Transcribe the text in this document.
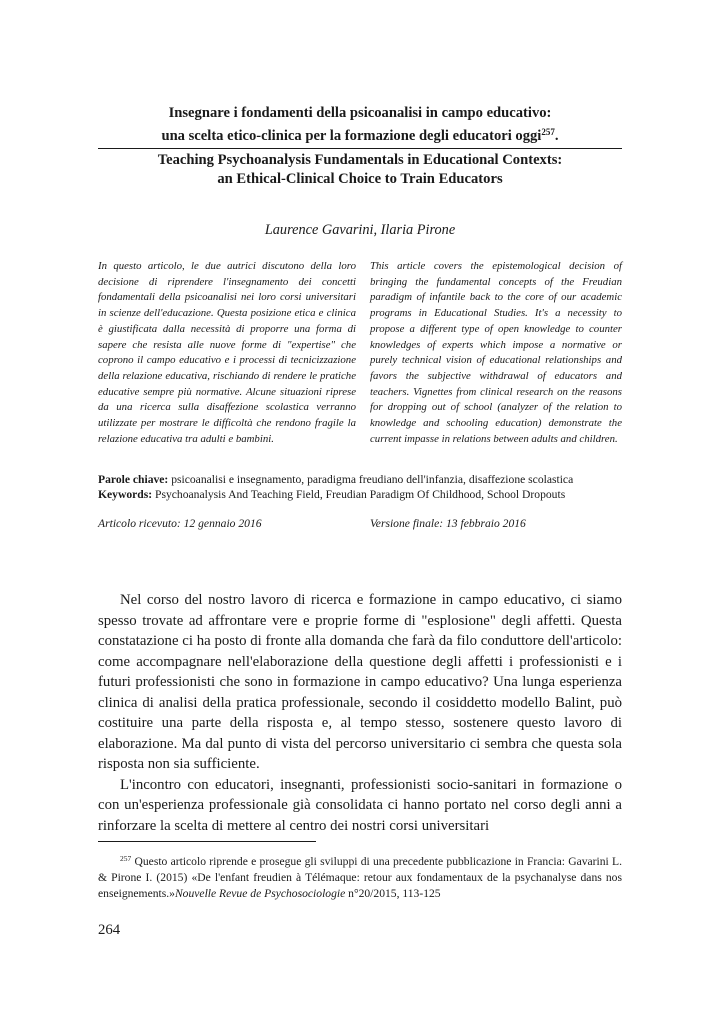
Insegnare i fondamenti della psicoanalisi in campo educativo:
una scelta etico-clinica per la formazione degli educatori oggi$^{257}$.
Teaching Psychoanalysis Fundamentals in Educational Contexts:
an Ethical-Clinical Choice to Train Educators
Laurence Gavarini, Ilaria Pirone
In questo articolo, le due autrici discutono della loro decisione di riprendere l'insegnamento dei concetti fondamentali della psicoanalisi nei loro corsi universitari in scienze dell'educazione. Questa posizione etica e clinica è giustificata dalla necessità di proporre una forma di sapere che resista alle nuove forme di "expertise" che coprono il campo educativo e i processi di tecnicizzazione della relazione educativa, rischiando di rendere le pratiche educative sempre più normative. Alcune situazioni riprese da una ricerca sulla disaffezione scolastica verranno utilizzate per mostrare le difficoltà che rendono fragile la relazione educativa tra adulti e bambini.
This article covers the epistemological decision of bringing the fundamental concepts of the Freudian paradigm of infantile back to the core of our academic programs in Educational Studies. It's a necessity to propose a different type of open knowledge to counter knowledges of experts which impose a normative or purely technical vision of educational relationships and favors the subjective withdrawal of educators and teachers. Vignettes from clinical research on the reasons for dropping out of school (analyzer of the relation to knowledge and schooling education) demonstrate the current impasse in relations between adults and children.
Parole chiave: psicoanalisi e insegnamento, paradigma freudiano dell'infanzia, disaffezione scolastica
Keywords: Psychoanalysis And Teaching Field, Freudian Paradigm Of Childhood, School Dropouts
Articolo ricevuto: 12 gennaio 2016	Versione finale: 13 febbraio 2016

Nel corso del nostro lavoro di ricerca e formazione in campo educativo, ci siamo spesso trovate ad affrontare vere e proprie forme di "esplosione" degli affetti. Questa constatazione ci ha posto di fronte alla domanda che farà da filo conduttore dell'articolo: come accompagnare nell'elaborazione della questione degli affetti i professionisti e i futuri professionisti che sono in formazione in campo educativo? Una lunga esperienza clinica di analisi della pratica professionale, secondo il cosiddetto modello Balint, può costituire una parte della risposta e, al tempo stesso, sostenere questo lavoro di elaborazione. Ma dal punto di vista del percorso universitario ci sembra che questa sola risposta non sia sufficiente.

L'incontro con educatori, insegnanti, professionisti socio-sanitari in formazione o con un'esperienza professionale già consolidata ci hanno portato nel corso degli anni a rinforzare la scelta di mettere al centro dei nostri corsi universitari

$^{257}$ Questo articolo riprende e prosegue gli sviluppi di una precedente pubblicazione in Francia: Gavarini L. & Pirone I. (2015) «De l'enfant freudien à Télémaque: retour aux fondamentaux de la psychanalyse dans nos enseignements.»Nouvelle Revue de Psychosociologie n°20/2015, 113-125

264
